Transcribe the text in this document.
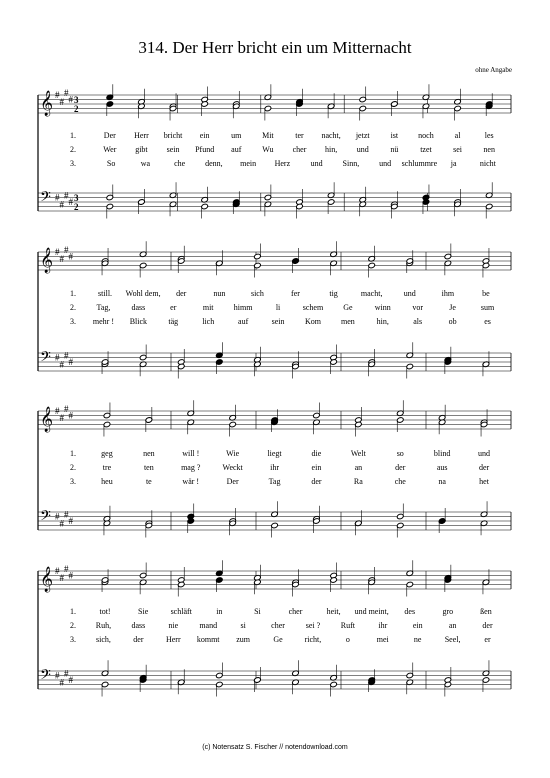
314. Der Herr bricht ein um Mitternacht
ohne Angabe
𝄞 #
#
#
# 3
2
𝄢 #
#
#
# 3
2
𝄞 #
#
#
#
𝄢 #
#
#
#
𝄞 #
#
#
#
𝄢 #
#
#
#
𝄞 #
#
#
#
𝄢 #
#
#
#
1.	Der Herr bricht ein	um	Mit	ter nacht, jetzt	ist	noch	al	les
2.	Wer gibt sein Pfund auf	Wu cher hin, und	nü	tzet	sei	nen
3.	So	wa	che denn, mein Herz	und Sinn, und schlummre ja	nicht
1.	still. Wohl dem, der	nun	sich	fer	tig	macht,	und	ihm	be
2.	Tag,	dass	er	mit	himm	li	schem	Ge	winn	vor	Je	sum
3. mehr ! Blick	täg	lich	auf	sein	Kom	men	hin,	als	ob	es
1.	geg	nen	will !	Wie	liegt	die	Welt	so	blind	und
2.	tre	ten	mag ?	Weckt	ihr	ein	an	der	aus	der
3.	heu	te	wär !	Der	Tag	der	Ra	che	na	het
1.	tot!	Sie	schläft	in	Si	cher	heit, und meint, des	gro	ßen
2. Ruh,	dass	nie	mand	si	cher	sei ?	Ruft	ihr	ein	an	der
3.	sich,	der	Herr kommt zum	Ge	richt,	o	mei	ne	Seel,	er
(c) Notensatz S. Fischer // notendownload.com
